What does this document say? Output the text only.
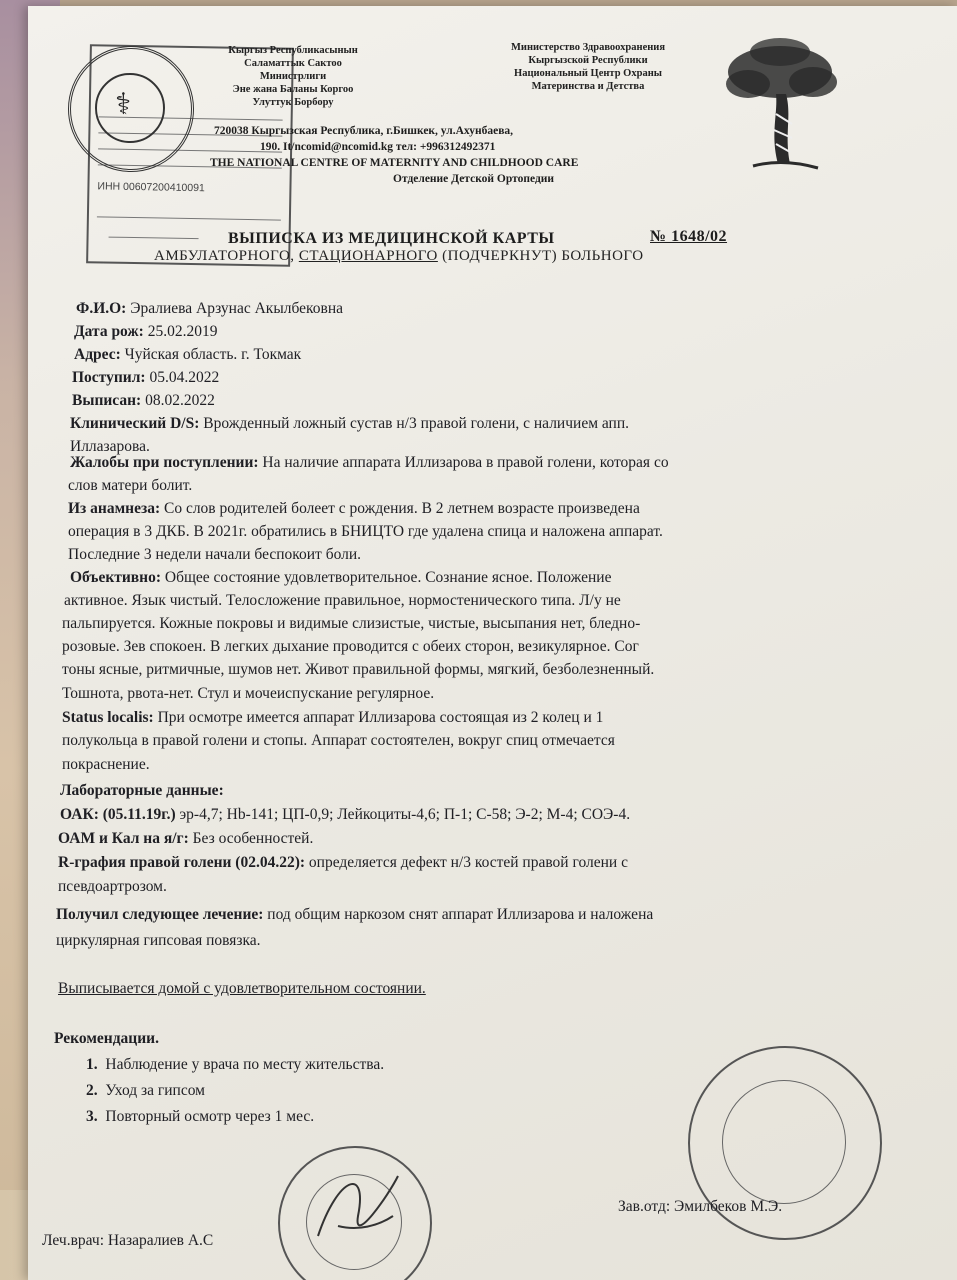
ИНН 00607200410091
⚕
Кыргыз Республикасынын
Саламаттык Сактоо
Министрлиги
Эне жана Баланы Коргоо
Улуттук Борбору
Министерство Здравоохранения
Кыргызской Республики
Национальный Центр Охраны
Материнства и Детства
720038 Кыргызская Республика, г.Бишкек, ул.Ахунбаева,
190. It/ncomid@ncomid.kg тел: +996312492371
THE NATIONAL CENTRE OF MATERNITY AND CHILDHOOD CARE
Отделение Детской Ортопедии
ВЫПИСКА ИЗ МЕДИЦИНСКОЙ КАРТЫ	№ 1648/02
АМБУЛАТОРНОГО, СТАЦИОНАРНОГО (ПОДЧЕРКНУТ) БОЛЬНОГО
Ф.И.О: Эралиева Арзунас Акылбековна
Дата рож: 25.02.2019
Адрес: Чуйская область. г. Токмак
Поступил: 05.04.2022
Выписан: 08.02.2022
Клинический D/S: Врожденный ложный сустав н/3 правой голени, с наличием апп.
Иллазарова.
Жалобы при поступлении: На наличие аппарата Иллизарова в правой голени, которая со
слов матери болит.
Из анамнеза: Со слов родителей болеет с рождения. В 2 летнем возрасте произведена
операция в 3 ДКБ. В 2021г. обратились в БНИЦТО где удалена спица и наложена аппарат.
Последние 3 недели начали беспокоит боли.
Объективно: Общее состояние удовлетворительное. Сознание ясное. Положение
активное. Язык чистый. Телосложение правильное, нормостенического типа. Л/у не
пальпируется. Кожные покровы и видимые слизистые, чистые, высыпания нет, бледно-
розовые. Зев спокоен. В легких дыхание проводится с обеих сторон, везикулярное. Сог
тоны ясные, ритмичные, шумов нет. Живот правильной формы, мягкий, безболезненный.
Тошнота, рвота-нет. Стул и мочеиспускание регулярное.
Status localis: При осмотре имеется аппарат Иллизарова состоящая из 2 колец и 1
полукольца в правой голени и стопы. Аппарат состоятелен, вокруг спиц отмечается
покраснение.
Лабораторные данные:
ОАК: (05.11.19г.) эр-4,7; Hb-141; ЦП-0,9; Лейкоциты-4,6; П-1; С-58; Э-2; М-4; СОЭ-4.
ОАМ и Кал на я/г: Без особенностей.
R-графия правой голени (02.04.22): определяется дефект н/3 костей правой голени с
псевдоартрозом.
Получил следующее лечение: под общим наркозом снят аппарат Иллизарова и наложена
циркулярная гипсовая повязка.
Выписывается домой с удовлетворительном состоянии.
Рекомендации.
1. Наблюдение у врача по месту жительства.
2. Уход за гипсом
3. Повторный осмотр через 1 мес.
Зав.отд: Эмилбеков М.Э.
Леч.врач: Назаралиев А.С
